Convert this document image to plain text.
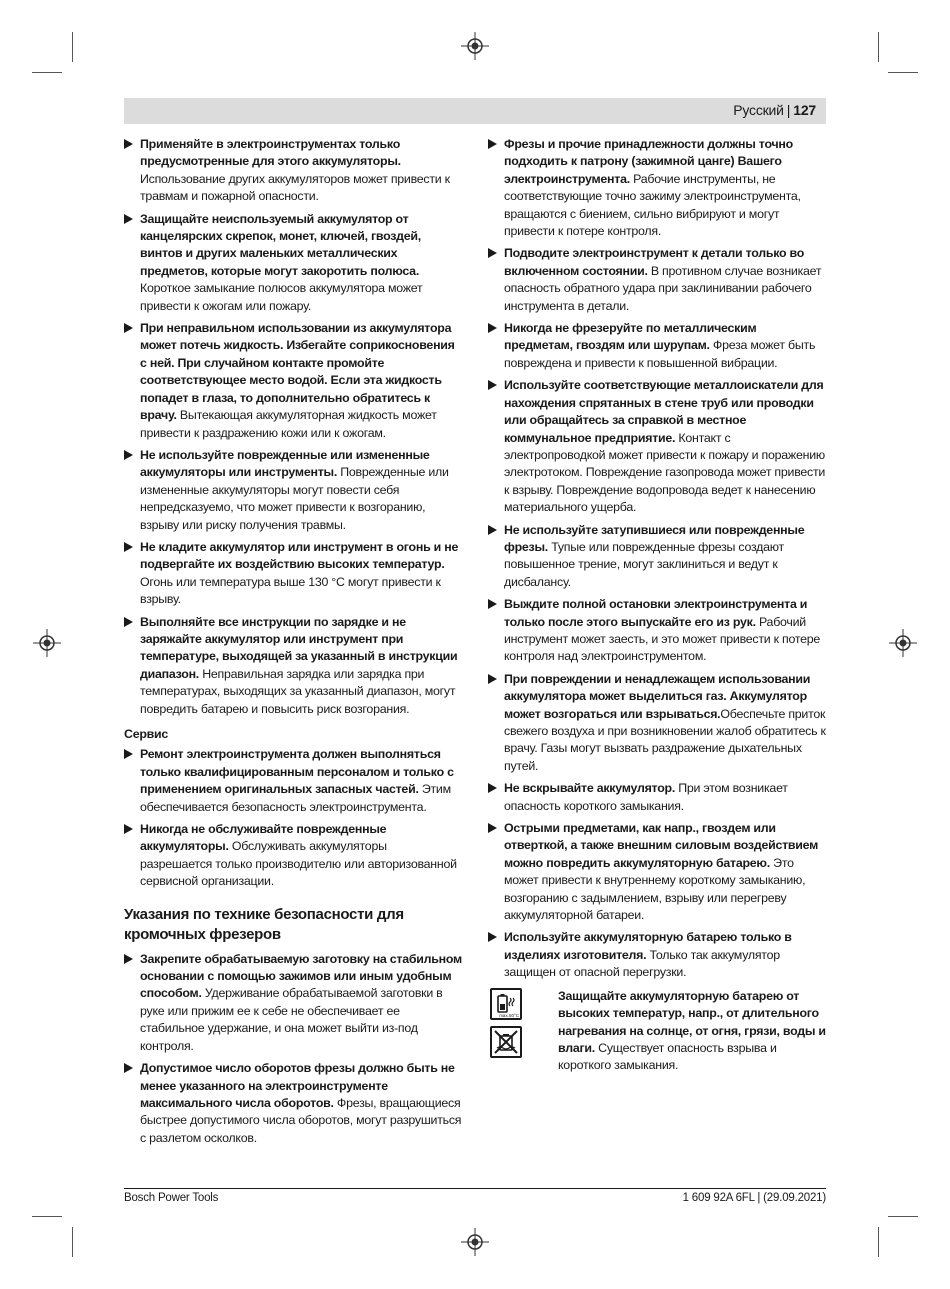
Русский | 127
Применяйте в электроинструментах только предусмотренные для этого аккумуляторы. Использование других аккумуляторов может привести к травмам и пожарной опасности.
Защищайте неиспользуемый аккумулятор от канцелярских скрепок, монет, ключей, гвоздей, винтов и других маленьких металлических предметов, которые могут закоротить полюса. Короткое замыкание полюсов аккумулятора может привести к ожогам или пожару.
При неправильном использовании из аккумулятора может потечь жидкость. Избегайте соприкосновения с ней. При случайном контакте промойте соответствующее место водой. Если эта жидкость попадет в глаза, то дополнительно обратитесь к врачу. Вытекающая аккумуляторная жидкость может привести к раздражению кожи или к ожогам.
Не используйте поврежденные или измененные аккумуляторы или инструменты. Поврежденные или измененные аккумуляторы могут повести себя непредсказуемо, что может привести к возгоранию, взрыву или риску получения травмы.
Не кладите аккумулятор или инструмент в огонь и не подвергайте их воздействию высоких температур. Огонь или температура выше 130 °C могут привести к взрыву.
Выполняйте все инструкции по зарядке и не заряжайте аккумулятор или инструмент при температуре, выходящей за указанный в инструкции диапазон. Неправильная зарядка или зарядка при температурах, выходящих за указанный диапазон, могут повредить батарею и повысить риск возгорания.
Сервис
Ремонт электроинструмента должен выполняться только квалифицированным персоналом и только с применением оригинальных запасных частей. Этим обеспечивается безопасность электроинструмента.
Никогда не обслуживайте поврежденные аккумуляторы. Обслуживать аккумуляторы разрешается только производителю или авторизованной сервисной организации.
Указания по технике безопасности для кромочных фрезеров
Закрепите обрабатываемую заготовку на стабильном основании с помощью зажимов или иным удобным способом. Удерживание обрабатываемой заготовки в руке или прижим ее к себе не обеспечивает ее стабильное удержание, и она может выйти из-под контроля.
Допустимое число оборотов фрезы должно быть не менее указанного на электроинструменте максимального числа оборотов. Фрезы, вращающиеся быстрее допустимого числа оборотов, могут разрушиться с разлетом осколков.
Фрезы и прочие принадлежности должны точно подходить к патрону (зажимной цанге) Вашего электроинструмента. Рабочие инструменты, не соответствующие точно зажиму электроинструмента, вращаются с биением, сильно вибрируют и могут привести к потере контроля.
Подводите электроинструмент к детали только во включенном состоянии. В противном случае возникает опасность обратного удара при заклинивании рабочего инструмента в детали.
Никогда не фрезеруйте по металлическим предметам, гвоздям или шурупам. Фреза может быть повреждена и привести к повышенной вибрации.
Используйте соответствующие металлоискатели для нахождения спрятанных в стене труб или проводки или обращайтесь за справкой в местное коммунальное предприятие. Контакт с электропроводкой может привести к пожару и поражению электротоком. Повреждение газопровода может привести к взрыву. Повреждение водопровода ведет к нанесению материального ущерба.
Не используйте затупившиеся или поврежденные фрезы. Тупые или поврежденные фрезы создают повышенное трение, могут заклиниться и ведут к дисбалансу.
Выждите полной остановки электроинструмента и только после этого выпускайте его из рук. Рабочий инструмент может заесть, и это может привести к потере контроля над электроинструментом.
При повреждении и ненадлежащем использовании аккумулятора может выделиться газ. Аккумулятор может возгораться или взрываться.Обеспечьте приток свежего воздуха и при возникновении жалоб обратитесь к врачу. Газы могут вызвать раздражение дыхательных путей.
Не вскрывайте аккумулятор. При этом возникает опасность короткого замыкания.
Острыми предметами, как напр., гвоздем или отверткой, а также внешним силовым воздействием можно повредить аккумуляторную батарею. Это может привести к внутреннему короткому замыканию, возгоранию с задымлением, взрыву или перегреву аккумуляторной батареи.
Используйте аккумуляторную батарею только в изделиях изготовителя. Только так аккумулятор защищен от опасной перегрузки.
max.50°C
Защищайте аккумуляторную батарею от высоких температур, напр., от длительного нагревания на солнце, от огня, грязи, воды и влаги. Существует опасность взрыва и короткого замыкания.
Bosch Power Tools	1 609 92A 6FL | (29.09.2021)
